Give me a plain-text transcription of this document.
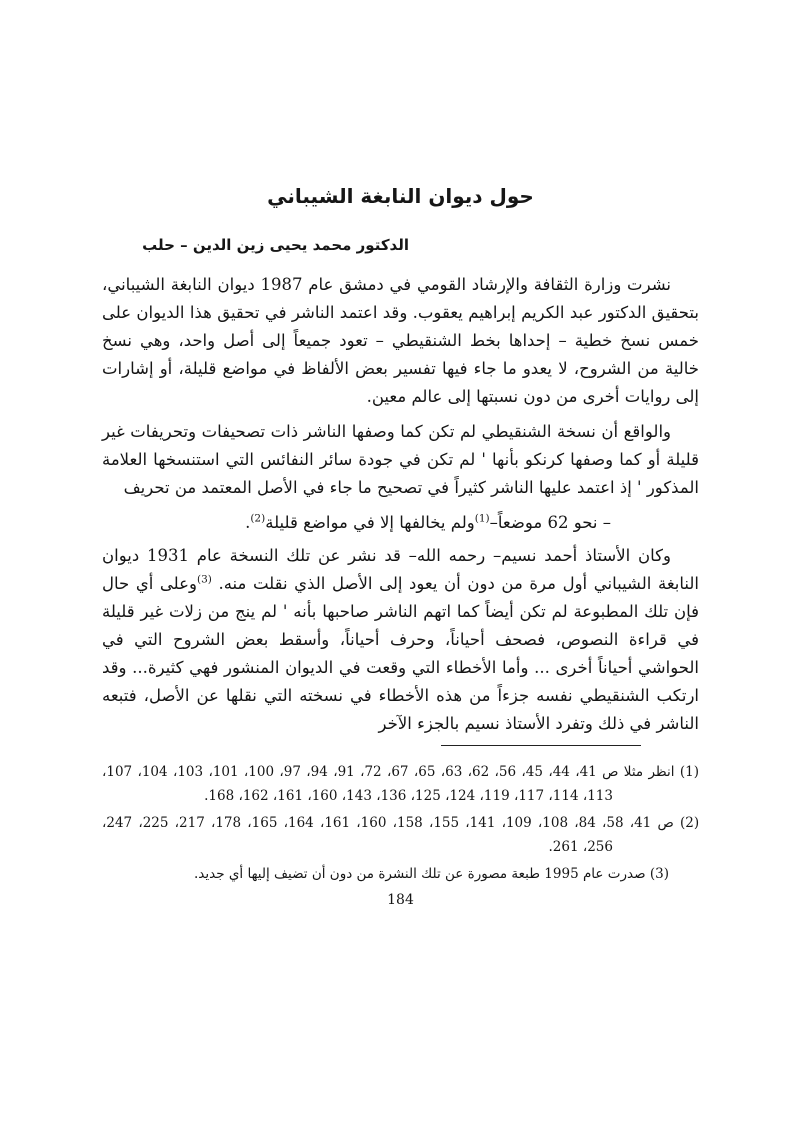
حول ديوان النابغة الشيباني
الدكتور محمد يحيى زين الدين – حلب

نشرت وزارة الثقافة والإرشاد القومي في دمشق عام 1987 ديوان النابغة الشيباني، بتحقيق الدكتور عبد الكريم إبراهيم يعقوب. وقد اعتمد الناشر في تحقيق هذا الديوان على خمس نسخ خطية – إحداها بخط الشنقيطي – تعود جميعاً إلى أصل واحد، وهي نسخ خالية من الشروح، لا يعدو ما جاء فيها تفسير بعض الألفاظ في مواضع قليلة، أو إشارات إلى روايات أخرى من دون نسبتها إلى عالم معين.

والواقع أن نسخة الشنقيطي لم تكن كما وصفها الناشر ذات تصحيفات وتحريفات غير قليلة أو كما وصفها كرنكو بأنها ' لم تكن في جودة سائر النفائس التي استنسخها العلامة المذكور ' إذ اعتمد عليها الناشر كثيراً في تصحيح ما جاء في الأصل المعتمد من تحريف

– نحو 62 موضعاً–$^{(1)}$ولم يخالفها إلا في مواضع قليلة$^{(2)}$.

وكان الأستاذ أحمد نسيم– رحمه الله– قد نشر عن تلك النسخة عام 1931 ديوان النابغة الشيباني أول مرة من دون أن يعود إلى الأصل الذي نقلت منه. $^{(3)}$وعلى أي حال فإن تلك المطبوعة لم تكن أيضاً كما اتهم الناشر صاحبها بأنه ' لم ينج من زلات غير قليلة في قراءة النصوص، فصحف أحياناً، وحرف أحياناً، وأسقط بعض الشروح التي في الحواشي أحياناً أخرى ... وأما الأخطاء التي وقعت في الديوان المنشور فهي كثيرة... وقد ارتكب الشنقيطي نفسه جزءاً من هذه الأخطاء في نسخته التي نقلها عن الأصل، فتبعه الناشر في ذلك وتفرد الأستاذ نسيم بالجزء الآخر

(1) انظر مثلا ص 41، 44، 45، 56، 62، 63، 65، 67، 72، 91، 94، 97، 100، 101، 103، 104، 107، 113، 114، 117، 119، 124، 125، 136، 143، 160، 161، 162، 168.
(2) ص 41، 58، 84، 108، 109، 141، 155، 158، 160، 161، 164، 165، 178، 217، 225، 247، 256، 261.
(3) صدرت عام 1995 طبعة مصورة عن تلك النشرة من دون أن تضيف إليها أي جديد.
184
